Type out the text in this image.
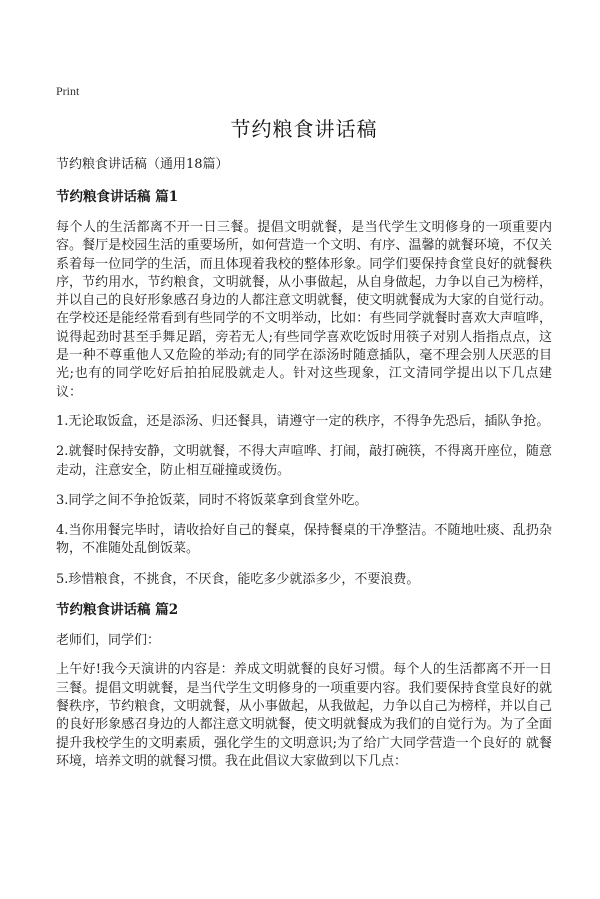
Print
节约粮食讲话稿

节约粮食讲话稿（通用18篇）

节约粮食讲话稿 篇1

每个人的生活都离不开一日三餐。提倡文明就餐，是当代学生文明修身的一项重要内容。餐厅是校园生活的重要场所，如何营造一个文明、有序、温馨的就餐环境，不仅关系着每一位同学的生活，而且体现着我校的整体形象。同学们要保持食堂良好的就餐秩序，节约用水，节约粮食，文明就餐，从小事做起，从自身做起，力争以自己为榜样，并以自己的良好形象感召身边的人都注意文明就餐，使文明就餐成为大家的自觉行动。在学校还是能经常看到有些同学的不文明举动，比如：有些同学就餐时喜欢大声喧哗，说得起劲时甚至手舞足蹈，旁若无人;有些同学喜欢吃饭时用筷子对别人指指点点，这是一种不尊重他人又危险的举动;有的同学在添汤时随意插队，毫不理会别人厌恶的目光;也有的同学吃好后拍拍屁股就走人。针对这些现象，江文清同学提出以下几点建议：

1.无论取饭盒，还是添汤、归还餐具，请遵守一定的秩序，不得争先恐后，插队争抢。

2.就餐时保持安静，文明就餐，不得大声喧哗、打闹，敲打碗筷，不得离开座位，随意走动，注意安全，防止相互碰撞或烫伤。

3.同学之间不争抢饭菜，同时不将饭菜拿到食堂外吃。

4.当你用餐完毕时，请收拾好自己的餐桌，保持餐桌的干净整洁。不随地吐痰、乱扔杂物，不准随处乱倒饭菜。

5.珍惜粮食，不挑食，不厌食，能吃多少就添多少，不要浪费。

节约粮食讲话稿 篇2

老师们，同学们：

上午好!我今天演讲的内容是：养成文明就餐的良好习惯。每个人的生活都离不开一日三餐。提倡文明就餐，是当代学生文明修身的一项重要内容。我们要保持食堂良好的就餐秩序，节约粮食，文明就餐，从小事做起，从我做起，力争以自己为榜样，并以自己的良好形象感召身边的人都注意文明就餐，使文明就餐成为我们的自觉行为。为了全面提升我校学生的文明素质，强化学生的文明意识;为了给广大同学营造一个良好的 就餐环境，培养文明的就餐习惯。我在此倡议大家做到以下几点：
